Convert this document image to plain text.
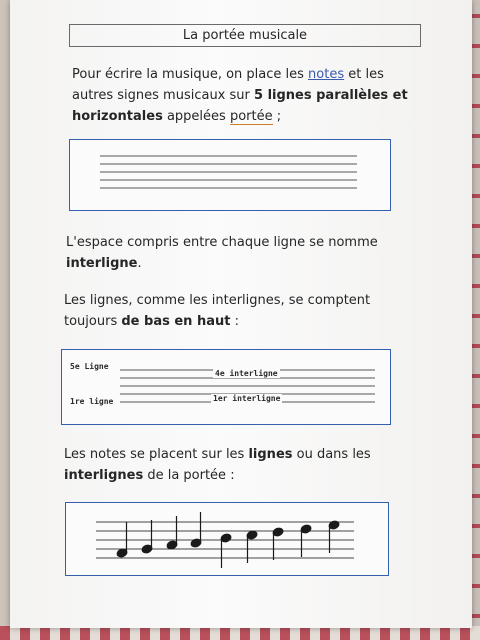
La portée musicale
Pour écrire la musique, on place les notes et les autres signes musicaux sur 5 lignes parallèles et horizontales appelées portée ;
L'espace compris entre chaque ligne se nomme interligne.
Les lignes, comme les interlignes, se comptent toujours de bas en haut :
5e Ligne
1re ligne
4e interligne
1er interligne
Les notes se placent sur les lignes ou dans les interlignes de la portée :
